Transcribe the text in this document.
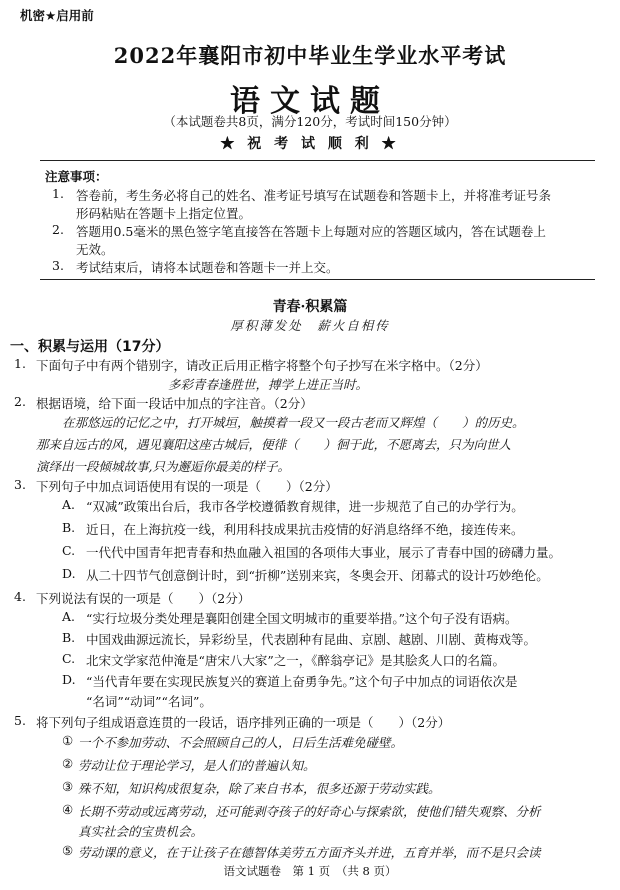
机密★启用前
2022年襄阳市初中毕业生学业水平考试
语文试题
（本试题卷共8页，满分120分，考试时间150分钟）
★ 祝 考 试 顺 利 ★
注意事项：
1. 答卷前，考生务必将自己的姓名、准考证号填写在试题卷和答题卡上，并将准考证号条
形码粘贴在答题卡上指定位置。
2. 答题用0.5毫米的黑色签字笔直接答在答题卡上每题对应的答题区域内，答在试题卷上
无效。
3. 考试结束后，请将本试题卷和答题卡一并上交。
青春·积累篇
厚积薄发处　薪火自相传
一、积累与运用（17分）
1. 下面句子中有两个错别字，请改正后用正楷字将整个句子抄写在米字格中。（2分）
多彩青春逢胜世，搏学上进正当时。
2. 根据语境，给下面一段话中加点的字注音。（2分）
在那悠远的记忆之中，打开城垣，触摸着一段又一段古老而又辉煌（　　）的历史。
那来自远古的风，遇见襄阳这座古城后，便徘（　　）徊于此，不愿离去，只为向世人
演绎出一段倾城故事,只为邂逅你最美的样子。
3. 下列句子中加点词语使用有误的一项是（　　）（2分）
A. “双减”政策出台后，我市各学校遵循教育规律，进一步规范了自己的办学行为。
B. 近日，在上海抗疫一线，利用科技成果抗击疫情的好消息络绎不绝，接连传来。
C. 一代代中国青年把青春和热血融入祖国的各项伟大事业，展示了青春中国的磅礴力量。
D. 从二十四节气创意倒计时，到“折柳”送别来宾，冬奥会开、闭幕式的设计巧妙绝伦。
4. 下列说法有误的一项是（　　）（2分）
A. “实行垃圾分类处理是襄阳创建全国文明城市的重要举措。”这个句子没有语病。
B. 中国戏曲源远流长，异彩纷呈，代表剧种有昆曲、京剧、越剧、川剧、黄梅戏等。
C. 北宋文学家范仲淹是“唐宋八大家”之一，《醉翁亭记》是其脍炙人口的名篇。
D. “当代青年要在实现民族复兴的赛道上奋勇争先。”这个句子中加点的词语依次是
“名词”“动词”“名词”。
5. 将下列句子组成语意连贯的一段话，语序排列正确的一项是（　　）（2分）
① 一个不参加劳动、不会照顾自己的人，日后生活难免碰壁。
② 劳动让位于理论学习，是人们的普遍认知。
③ 殊不知，知识构成很复杂，除了来自书本，很多还源于劳动实践。
④ 长期不劳动或远离劳动，还可能剥夺孩子的好奇心与探索欲，使他们错失观察、分析
真实社会的宝贵机会。
⑤ 劳动课的意义，在于让孩子在德智体美劳五方面齐头并进，五育并举，而不是只会读
语文试题卷　第 1 页　（共 8 页）
